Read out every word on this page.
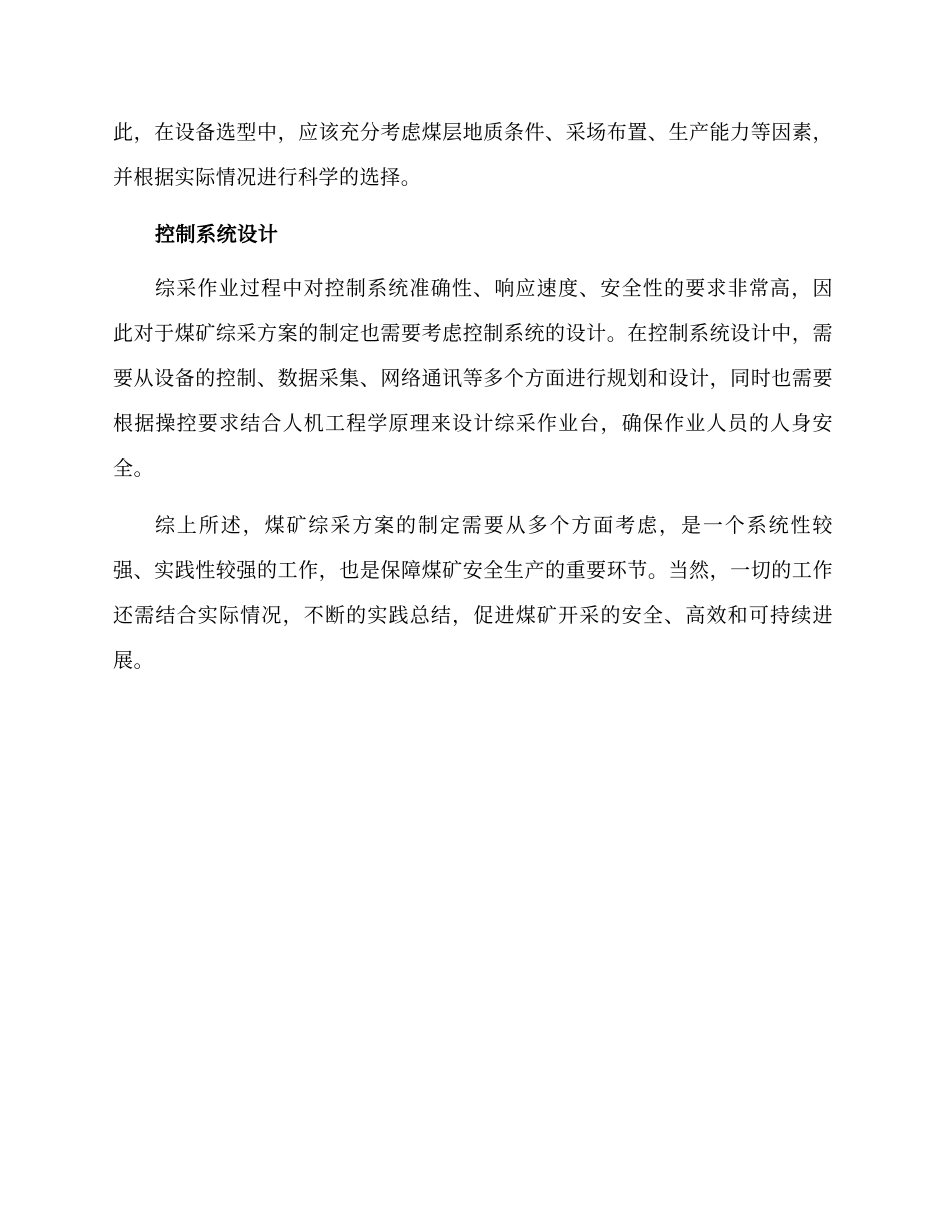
此，在设备选型中，应该充分考虑煤层地质条件、采场布置、生产能力等因素，并根据实际情况进行科学的选择。

控制系统设计

综采作业过程中对控制系统准确性、响应速度、安全性的要求非常高，因此对于煤矿综采方案的制定也需要考虑控制系统的设计。在控制系统设计中，需要从设备的控制、数据采集、网络通讯等多个方面进行规划和设计，同时也需要根据操控要求结合人机工程学原理来设计综采作业台，确保作业人员的人身安全。

综上所述，煤矿综采方案的制定需要从多个方面考虑，是一个系统性较强、实践性较强的工作，也是保障煤矿安全生产的重要环节。当然，一切的工作还需结合实际情况，不断的实践总结，促进煤矿开采的安全、高效和可持续进展。
